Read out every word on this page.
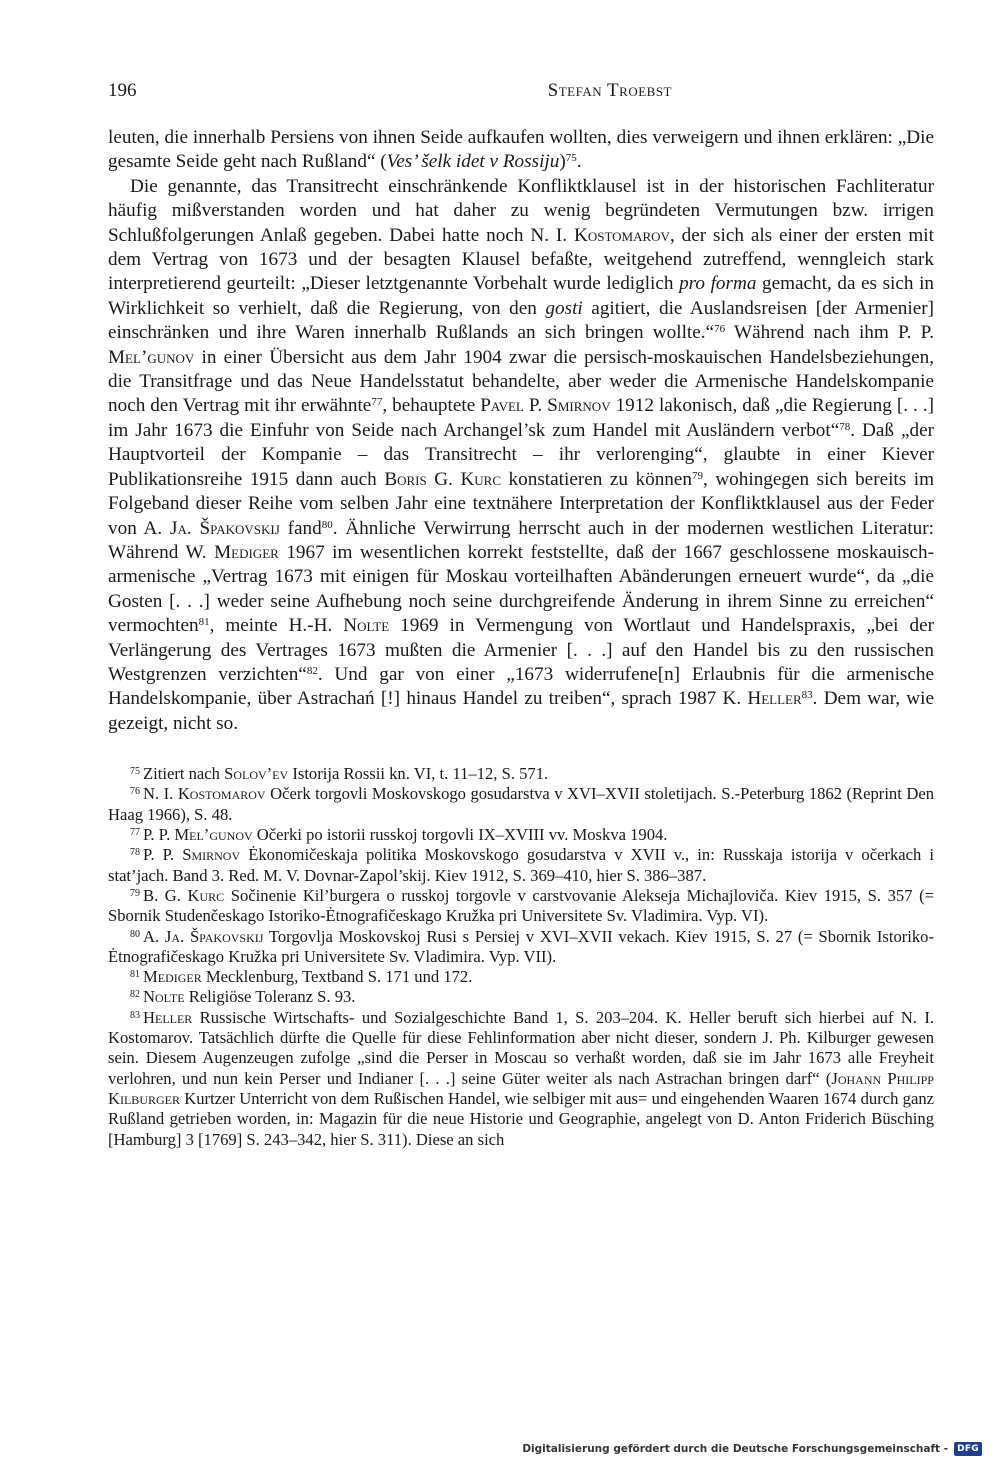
196	Stefan Troebst

leuten, die innerhalb Persiens von ihnen Seide aufkaufen wollten, dies verweigern und ihnen erklären: „Die gesamte Seide geht nach Rußland“ (Ves’ šelk idet v Rossiju)$^{75}$.

Die genannte, das Transitrecht einschränkende Konfliktklausel ist in der historischen Fachliteratur häufig mißverstanden worden und hat daher zu wenig begründeten Vermutungen bzw. irrigen Schlußfolgerungen Anlaß gegeben. Dabei hatte noch N. I. Kostomarov, der sich als einer der ersten mit dem Vertrag von 1673 und der besagten Klausel befaßte, weitgehend zutreffend, wenngleich stark interpretierend geurteilt: „Dieser letztgenannte Vorbehalt wurde lediglich pro forma gemacht, da es sich in Wirklichkeit so verhielt, daß die Regierung, von den gosti agitiert, die Auslandsreisen [der Armenier] einschränken und ihre Waren innerhalb Rußlands an sich bringen wollte.“$^{76}$ Während nach ihm P. P. Mel’gunov in einer Übersicht aus dem Jahr 1904 zwar die persisch-moskauischen Handelsbeziehungen, die Transitfrage und das Neue Handelsstatut behandelte, aber weder die Armenische Handelskompanie noch den Vertrag mit ihr erwähnte$^{77}$, behauptete Pavel P. Smirnov 1912 lakonisch, daß „die Regierung [. . .] im Jahr 1673 die Einfuhr von Seide nach Archangel’sk zum Handel mit Ausländern verbot“$^{78}$. Daß „der Hauptvorteil der Kompanie – das Transitrecht – ihr verlorenging“, glaubte in einer Kiever Publikationsreihe 1915 dann auch Boris G. Kurc konstatieren zu können$^{79}$, wohingegen sich bereits im Folgeband dieser Reihe vom selben Jahr eine textnähere Interpretation der Konfliktklausel aus der Feder von A. Ja. Špakovskij fand$^{80}$. Ähnliche Verwirrung herrscht auch in der modernen westlichen Literatur: Während W. Mediger 1967 im wesentlichen korrekt feststellte, daß der 1667 geschlossene moskauisch-armenische „Vertrag 1673 mit einigen für Moskau vorteilhaften Abänderungen erneuert wurde“, da „die Gosten [. . .] weder seine Aufhebung noch seine durchgreifende Änderung in ihrem Sinne zu erreichen“ vermochten$^{81}$, meinte H.-H. Nolte 1969 in Vermengung von Wortlaut und Handelspraxis, „bei der Verlängerung des Vertrages 1673 mußten die Armenier [. . .] auf den Handel bis zu den russischen Westgrenzen verzichten“$^{82}$. Und gar von einer „1673 widerrufene[n] Erlaubnis für die armenische Handelskompanie, über Astrachań [!] hinaus Handel zu treiben“, sprach 1987 K. Heller$^{83}$. Dem war, wie gezeigt, nicht so.

$^{75}$ Zitiert nach Solov’ev Istorija Rossii kn. VI, t. 11–12, S. 571.

$^{76}$ N. I. Kostomarov Očerk torgovli Moskovskogo gosudarstva v XVI–XVII stoletijach. S.-Peterburg 1862 (Reprint Den Haag 1966), S. 48.

$^{77}$ P. P. Mel’gunov Očerki po istorii russkoj torgovli IX–XVIII vv. Moskva 1904.

$^{78}$ P. P. Smirnov Ėkonomičeskaja politika Moskovskogo gosudarstva v XVII v., in: Russkaja istorija v očerkach i stat’jach. Band 3. Red. M. V. Dovnar-Zapol’skij. Kiev 1912, S. 369–410, hier S. 386–387.

$^{79}$ B. G. Kurc Sočinenie Kil’burgera o russkoj torgovle v carstvovanie Alekseja Michajloviča. Kiev 1915, S. 357 (= Sbornik Studenčeskago Istoriko-Ėtnografičeskago Kružka pri Universitete Sv. Vladimira. Vyp. VI).

$^{80}$ A. Ja. Špakovskij Torgovlja Moskovskoj Rusi s Persiej v XVI–XVII vekach. Kiev 1915, S. 27 (= Sbornik Istoriko-Ėtnografičeskago Kružka pri Universitete Sv. Vladimira. Vyp. VII).

$^{81}$ Mediger Mecklenburg, Textband S. 171 und 172.

$^{82}$ Nolte Religiöse Toleranz S. 93.

$^{83}$ Heller Russische Wirtschafts- und Sozialgeschichte Band 1, S. 203–204. K. Heller beruft sich hierbei auf N. I. Kostomarov. Tatsächlich dürfte die Quelle für diese Fehlinformation aber nicht dieser, sondern J. Ph. Kilburger gewesen sein. Diesem Augenzeugen zufolge „sind die Perser in Moscau so verhaßt worden, daß sie im Jahr 1673 alle Freyheit verlohren, und nun kein Perser und Indianer [. . .] seine Güter weiter als nach Astrachan bringen darf“ (Johann Philipp Kilburger Kurtzer Unterricht von dem Rußischen Handel, wie selbiger mit aus= und eingehenden Waaren 1674 durch ganz Rußland getrieben worden, in: Magazin für die neue Historie und Geographie, angelegt von D. Anton Friderich Büsching [Hamburg] 3 [1769] S. 243–342, hier S. 311). Diese an sich

Digitalisierung gefördert durch die Deutsche Forschungsgemeinschaft -	DFG
